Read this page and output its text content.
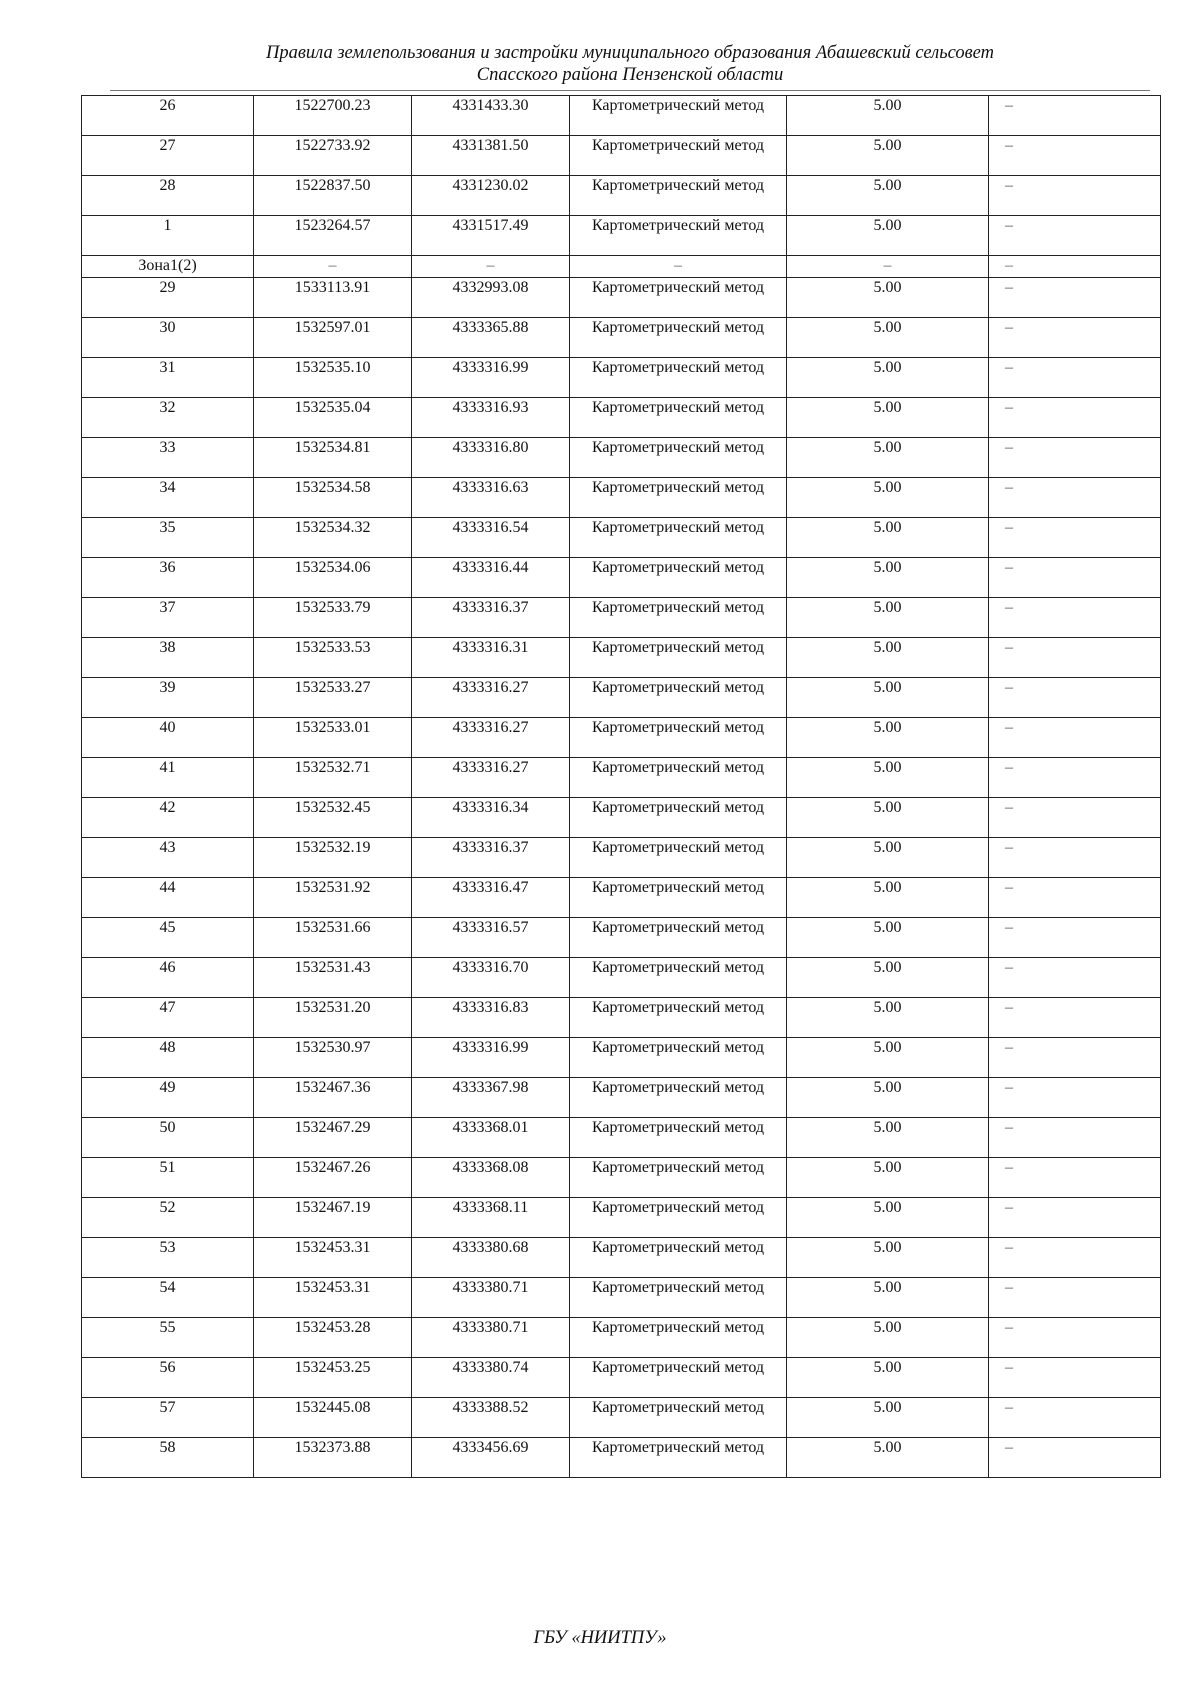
Правила землепользования и застройки муниципального образования Абашевский сельсовет
Спасского района Пензенской области
26	1522700.23	4331433.30	Картометрический метод	5.00	–
27	1522733.92	4331381.50	Картометрический метод	5.00	–
28	1522837.50	4331230.02	Картометрический метод	5.00	–
1	1523264.57	4331517.49	Картометрический метод	5.00	–
Зона1(2)	–	–	–	–	–
29	1533113.91	4332993.08	Картометрический метод	5.00	–
30	1532597.01	4333365.88	Картометрический метод	5.00	–
31	1532535.10	4333316.99	Картометрический метод	5.00	–
32	1532535.04	4333316.93	Картометрический метод	5.00	–
33	1532534.81	4333316.80	Картометрический метод	5.00	–
34	1532534.58	4333316.63	Картометрический метод	5.00	–
35	1532534.32	4333316.54	Картометрический метод	5.00	–
36	1532534.06	4333316.44	Картометрический метод	5.00	–
37	1532533.79	4333316.37	Картометрический метод	5.00	–
38	1532533.53	4333316.31	Картометрический метод	5.00	–
39	1532533.27	4333316.27	Картометрический метод	5.00	–
40	1532533.01	4333316.27	Картометрический метод	5.00	–
41	1532532.71	4333316.27	Картометрический метод	5.00	–
42	1532532.45	4333316.34	Картометрический метод	5.00	–
43	1532532.19	4333316.37	Картометрический метод	5.00	–
44	1532531.92	4333316.47	Картометрический метод	5.00	–
45	1532531.66	4333316.57	Картометрический метод	5.00	–
46	1532531.43	4333316.70	Картометрический метод	5.00	–
47	1532531.20	4333316.83	Картометрический метод	5.00	–
48	1532530.97	4333316.99	Картометрический метод	5.00	–
49	1532467.36	4333367.98	Картометрический метод	5.00	–
50	1532467.29	4333368.01	Картометрический метод	5.00	–
51	1532467.26	4333368.08	Картометрический метод	5.00	–
52	1532467.19	4333368.11	Картометрический метод	5.00	–
53	1532453.31	4333380.68	Картометрический метод	5.00	–
54	1532453.31	4333380.71	Картометрический метод	5.00	–
55	1532453.28	4333380.71	Картометрический метод	5.00	–
56	1532453.25	4333380.74	Картометрический метод	5.00	–
57	1532445.08	4333388.52	Картометрический метод	5.00	–
58	1532373.88	4333456.69	Картометрический метод	5.00	–
ГБУ «НИИТПУ»
